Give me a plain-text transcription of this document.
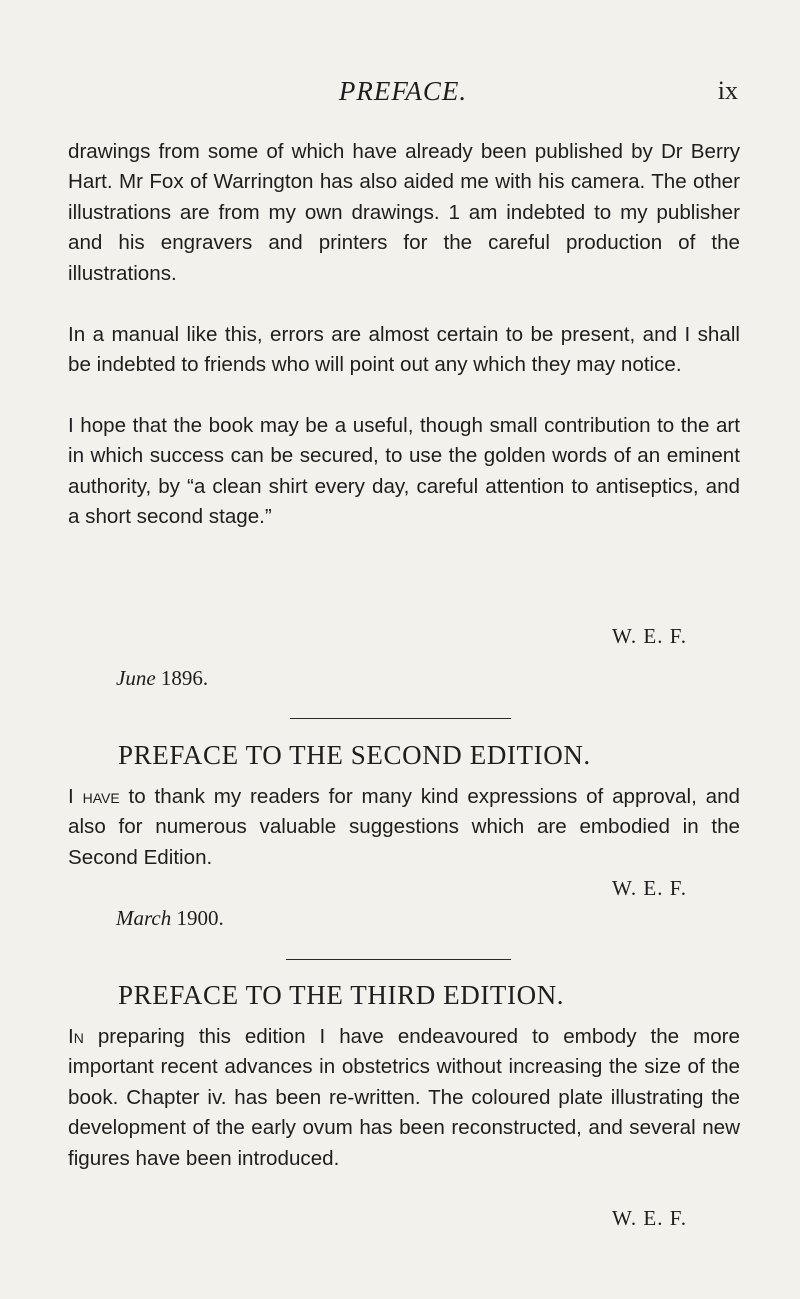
PREFACE.	ix

drawings from some of which have already been published by Dr Berry Hart. Mr Fox of Warrington has also aided me with his camera. The other illustrations are from my own drawings. 1 am indebted to my publisher and his engravers and printers for the careful production of the illustrations.

In a manual like this, errors are almost certain to be present, and I shall be indebted to friends who will point out any which they may notice.

I hope that the book may be a useful, though small contribution to the art in which success can be secured, to use the golden words of an eminent authority, by “a clean shirt every day, careful attention to antiseptics, and a short second stage.”

W. E. F.
June 1896.
PREFACE TO THE SECOND EDITION.

I have to thank my readers for many kind expressions of approval, and also for numerous valuable suggestions which are embodied in the Second Edition.

W. E. F.
March 1900.
PREFACE TO THE THIRD EDITION.

In preparing this edition I have endeavoured to embody the more important recent advances in obstetrics without increasing the size of the book. Chapter iv. has been re-written. The coloured plate illustrating the development of the early ovum has been reconstructed, and several new figures have been introduced.

W. E. F.
